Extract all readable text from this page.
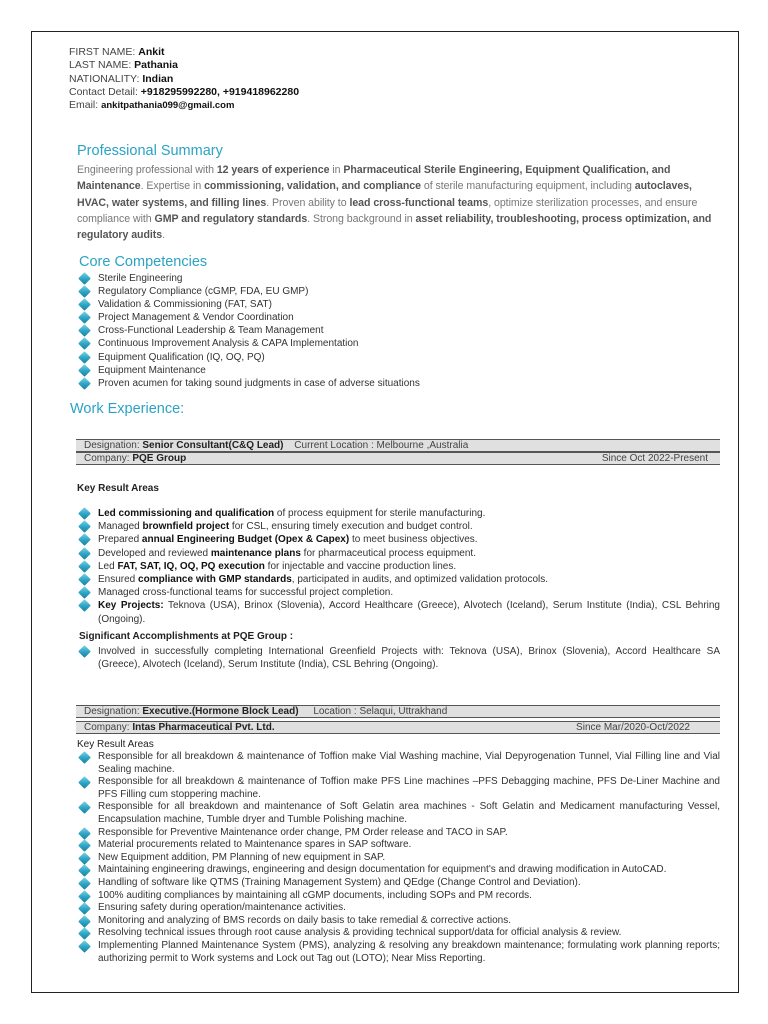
FIRST NAME: Ankit
LAST NAME: Pathania
NATIONALITY: Indian
Contact Detail: +918295992280, +919418962280
Email: ankitpathania099@gmail.com
Professional Summary
Engineering professional with 12 years of experience in Pharmaceutical Sterile Engineering, Equipment Qualification, and Maintenance. Expertise in commissioning, validation, and compliance of sterile manufacturing equipment, including autoclaves, HVAC, water systems, and filling lines. Proven ability to lead cross-functional teams, optimize sterilization processes, and ensure compliance with GMP and regulatory standards. Strong background in asset reliability, troubleshooting, process optimization, and regulatory audits.
Core Competencies
Sterile Engineering
Regulatory Compliance (cGMP, FDA, EU GMP)
Validation & Commissioning (FAT, SAT)
Project Management & Vendor Coordination
Cross-Functional Leadership & Team Management
Continuous Improvement Analysis & CAPA Implementation
Equipment Qualification (IQ, OQ, PQ)
Equipment Maintenance
Proven acumen for taking sound judgments in case of adverse situations
Work Experience:
Designation: Senior Consultant(C&Q Lead) Current Location : Melbourne ,Australia
Company: PQE Group	Since Oct 2022-Present
Key Result Areas
Led commissioning and qualification of process equipment for sterile manufacturing.
Managed brownfield project for CSL, ensuring timely execution and budget control.
Prepared annual Engineering Budget (Opex & Capex) to meet business objectives.
Developed and reviewed maintenance plans for pharmaceutical process equipment.
Led FAT, SAT, IQ, OQ, PQ execution for injectable and vaccine production lines.
Ensured compliance with GMP standards, participated in audits, and optimized validation protocols.
Managed cross-functional teams for successful project completion.
Key Projects: Teknova (USA), Brinox (Slovenia), Accord Healthcare (Greece), Alvotech (Iceland), Serum Institute (India), CSL Behring (Ongoing).
Significant Accomplishments at PQE Group :
Involved in successfully completing International Greenfield Projects with: Teknova (USA), Brinox (Slovenia), Accord Healthcare SA (Greece), Alvotech (Iceland), Serum Institute (India), CSL Behring (Ongoing).
Designation: Executive.(Hormone Block Lead) Location : Selaqui, Uttrakhand
Company: Intas Pharmaceutical Pvt. Ltd.	Since Mar/2020-Oct/2022
Key Result Areas
Responsible for all breakdown & maintenance of Toffion make Vial Washing machine, Vial Depyrogenation Tunnel, Vial Filling line and Vial Sealing machine.
Responsible for all breakdown & maintenance of Toffion make PFS Line machines –PFS Debagging machine, PFS De-Liner Machine and PFS Filling cum stoppering machine.
Responsible for all breakdown and maintenance of Soft Gelatin area machines - Soft Gelatin and Medicament manufacturing Vessel, Encapsulation machine, Tumble dryer and Tumble Polishing machine.
Responsible for Preventive Maintenance order change, PM Order release and TACO in SAP.
Material procurements related to Maintenance spares in SAP software.
New Equipment addition, PM Planning of new equipment in SAP.
Maintaining engineering drawings, engineering and design documentation for equipment's and drawing modification in AutoCAD.
Handling of software like QTMS (Training Management System) and QEdge (Change Control and Deviation).
100% auditing compliances by maintaining all cGMP documents, including SOPs and PM records.
Ensuring safety during operation/maintenance activities.
Monitoring and analyzing of BMS records on daily basis to take remedial & corrective actions.
Resolving technical issues through root cause analysis & providing technical support/data for official analysis & review.
Implementing Planned Maintenance System (PMS), analyzing & resolving any breakdown maintenance; formulating work planning reports; authorizing permit to Work systems and Lock out Tag out (LOTO); Near Miss Reporting.
